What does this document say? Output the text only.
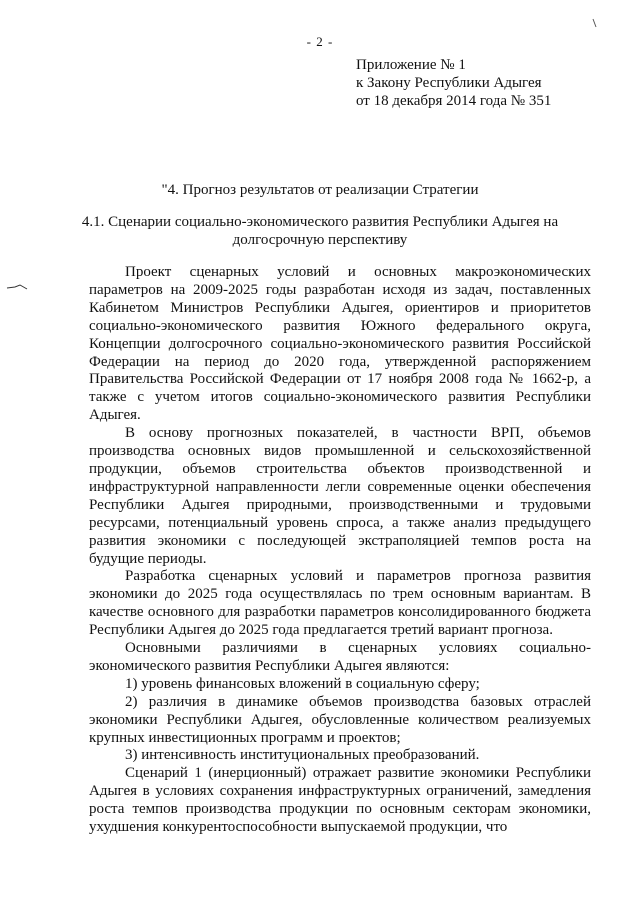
- 2 -
Приложение № 1
к Закону Республики Адыгея
от 18 декабря 2014 года № 351
"4. Прогноз результатов от реализации Стратегии
4.1. Сценарии социально-экономического развития Республики Адыгея на долгосрочную перспективу

Проект сценарных условий и основных макроэкономических параметров на 2009-2025 годы разработан исходя из задач, поставленных Кабинетом Министров Республики Адыгея, ориентиров и приоритетов социально-экономического развития Южного федерального округа, Концепции долгосрочного социально-экономического развития Российской Федерации на период до 2020 года, утвержденной распоряжением Правительства Российской Федерации от 17 ноября 2008 года № 1662-р, а также с учетом итогов социально-экономического развития Республики Адыгея.

В основу прогнозных показателей, в частности ВРП, объемов производства основных видов промышленной и сельскохозяйственной продукции, объемов строительства объектов производственной и инфраструктурной направленности легли современные оценки обеспечения Республики Адыгея природными, производственными и трудовыми ресурсами, потенциальный уровень спроса, а также анализ предыдущего развития экономики с последующей экстраполяцией темпов роста на будущие периоды.

Разработка сценарных условий и параметров прогноза развития экономики до 2025 года осуществлялась по трем основным вариантам. В качестве основного для разработки параметров консолидированного бюджета Республики Адыгея до 2025 года предлагается третий вариант прогноза.

Основными различиями в сценарных условиях социально-экономического развития Республики Адыгея являются:

1) уровень финансовых вложений в социальную сферу;

2) различия в динамике объемов производства базовых отраслей экономики Республики Адыгея, обусловленные количеством реализуемых крупных инвестиционных программ и проектов;

3) интенсивность институциональных преобразований.

Сценарий 1 (инерционный) отражает развитие экономики Республики Адыгея в условиях сохранения инфраструктурных ограничений, замедления роста темпов производства продукции по основным секторам экономики, ухудшения конкурентоспособности выпускаемой продукции, что
